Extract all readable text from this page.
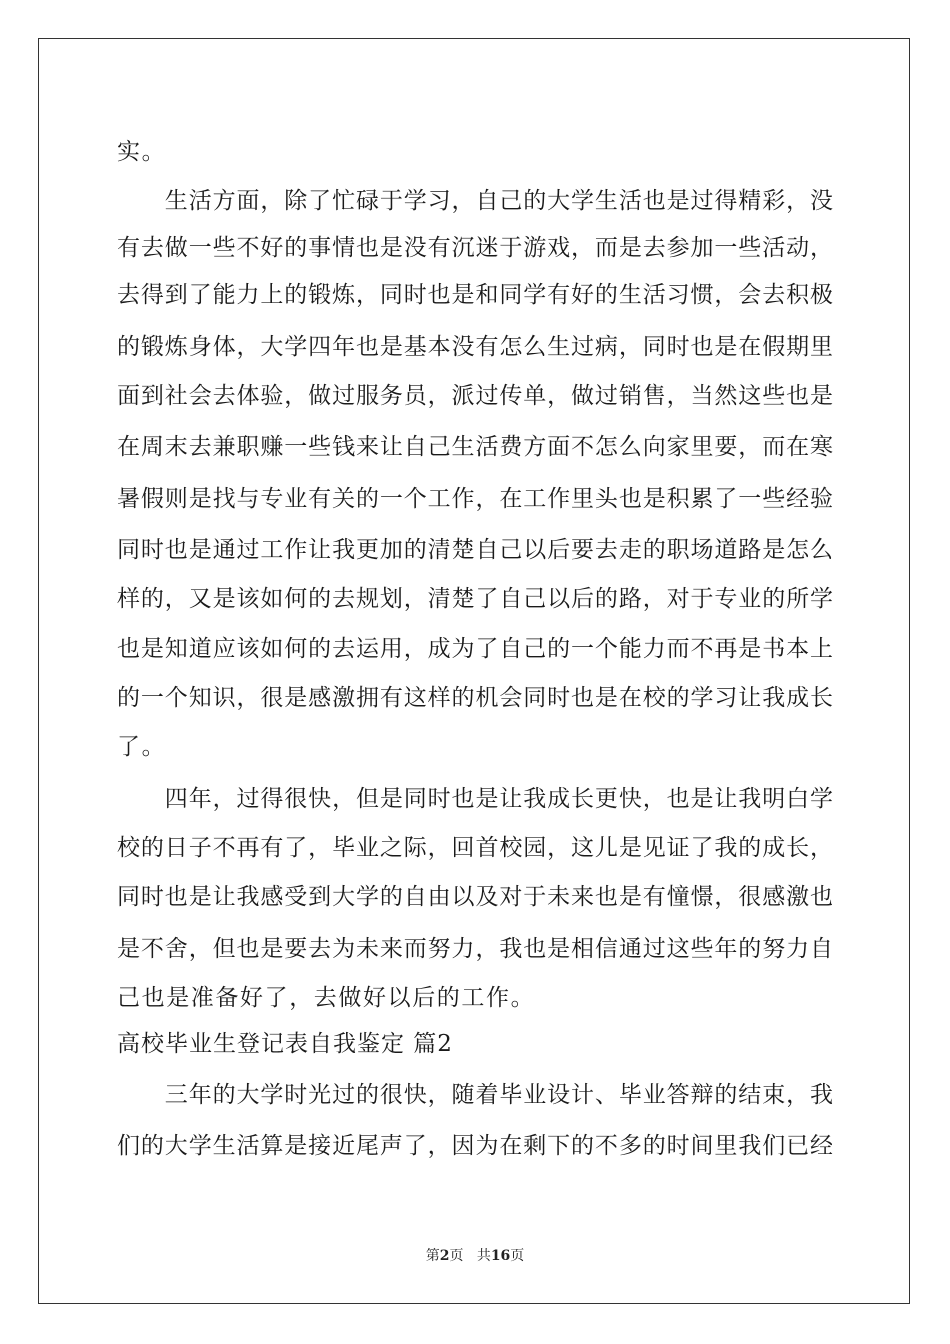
实。
　　生活方面，除了忙碌于学习，自己的大学生活也是过得精彩，没
有去做一些不好的事情也是没有沉迷于游戏，而是去参加一些活动，
去得到了能力上的锻炼，同时也是和同学有好的生活习惯，会去积极
的锻炼身体，大学四年也是基本没有怎么生过病，同时也是在假期里
面到社会去体验，做过服务员，派过传单，做过销售，当然这些也是
在周末去兼职赚一些钱来让自己生活费方面不怎么向家里要，而在寒
暑假则是找与专业有关的一个工作，在工作里头也是积累了一些经验
同时也是通过工作让我更加的清楚自己以后要去走的职场道路是怎么
样的，又是该如何的去规划，清楚了自己以后的路，对于专业的所学
也是知道应该如何的去运用，成为了自己的一个能力而不再是书本上
的一个知识，很是感激拥有这样的机会同时也是在校的学习让我成长
了。
　　四年，过得很快，但是同时也是让我成长更快，也是让我明白学
校的日子不再有了，毕业之际，回首校园，这儿是见证了我的成长，
同时也是让我感受到大学的自由以及对于未来也是有憧憬，很感激也
是不舍，但也是要去为未来而努力，我也是相信通过这些年的努力自
己也是准备好了，去做好以后的工作。
高校毕业生登记表自我鉴定 篇2
　　三年的大学时光过的很快，随着毕业设计、毕业答辩的结束，我
们的大学生活算是接近尾声了，因为在剩下的不多的时间里我们已经
第2页 共16页
